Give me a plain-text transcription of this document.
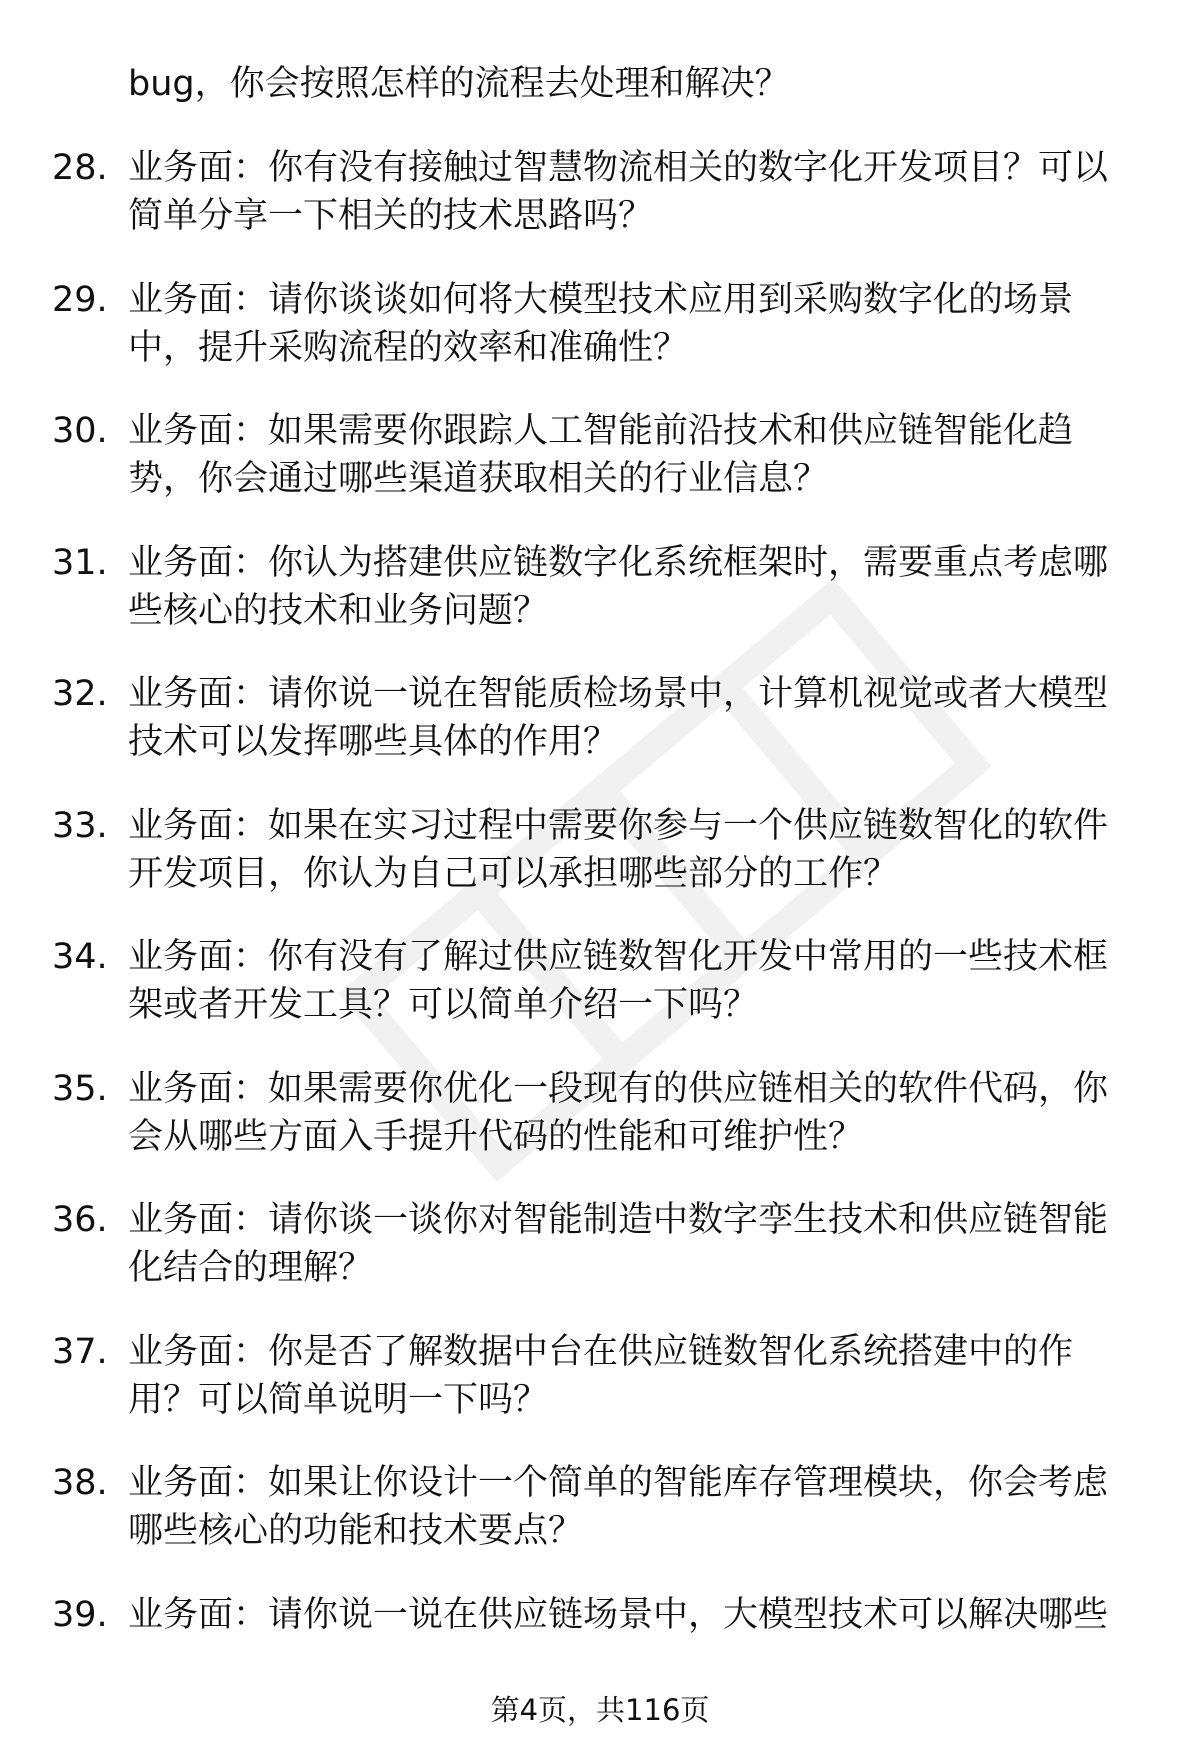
bug，你会按照怎样的流程去处理和解决？
28. 业务面：你有没有接触过智慧物流相关的数字化开发项目？可以简单分享一下相关的技术思路吗？
29. 业务面：请你谈谈如何将大模型技术应用到采购数字化的场景中，提升采购流程的效率和准确性？
30. 业务面：如果需要你跟踪人工智能前沿技术和供应链智能化趋势，你会通过哪些渠道获取相关的行业信息？
31. 业务面：你认为搭建供应链数字化系统框架时，需要重点考虑哪些核心的技术和业务问题？
32. 业务面：请你说一说在智能质检场景中，计算机视觉或者大模型技术可以发挥哪些具体的作用？
33. 业务面：如果在实习过程中需要你参与一个供应链数智化的软件开发项目，你认为自己可以承担哪些部分的工作？
34. 业务面：你有没有了解过供应链数智化开发中常用的一些技术框架或者开发工具？可以简单介绍一下吗？
35. 业务面：如果需要你优化一段现有的供应链相关的软件代码，你会从哪些方面入手提升代码的性能和可维护性？
36. 业务面：请你谈一谈你对智能制造中数字孪生技术和供应链智能化结合的理解？
37. 业务面：你是否了解数据中台在供应链数智化系统搭建中的作用？可以简单说明一下吗？
38. 业务面：如果让你设计一个简单的智能库存管理模块，你会考虑哪些核心的功能和技术要点？
39. 业务面：请你说一说在供应链场景中，大模型技术可以解决哪些
第4页，共116页
